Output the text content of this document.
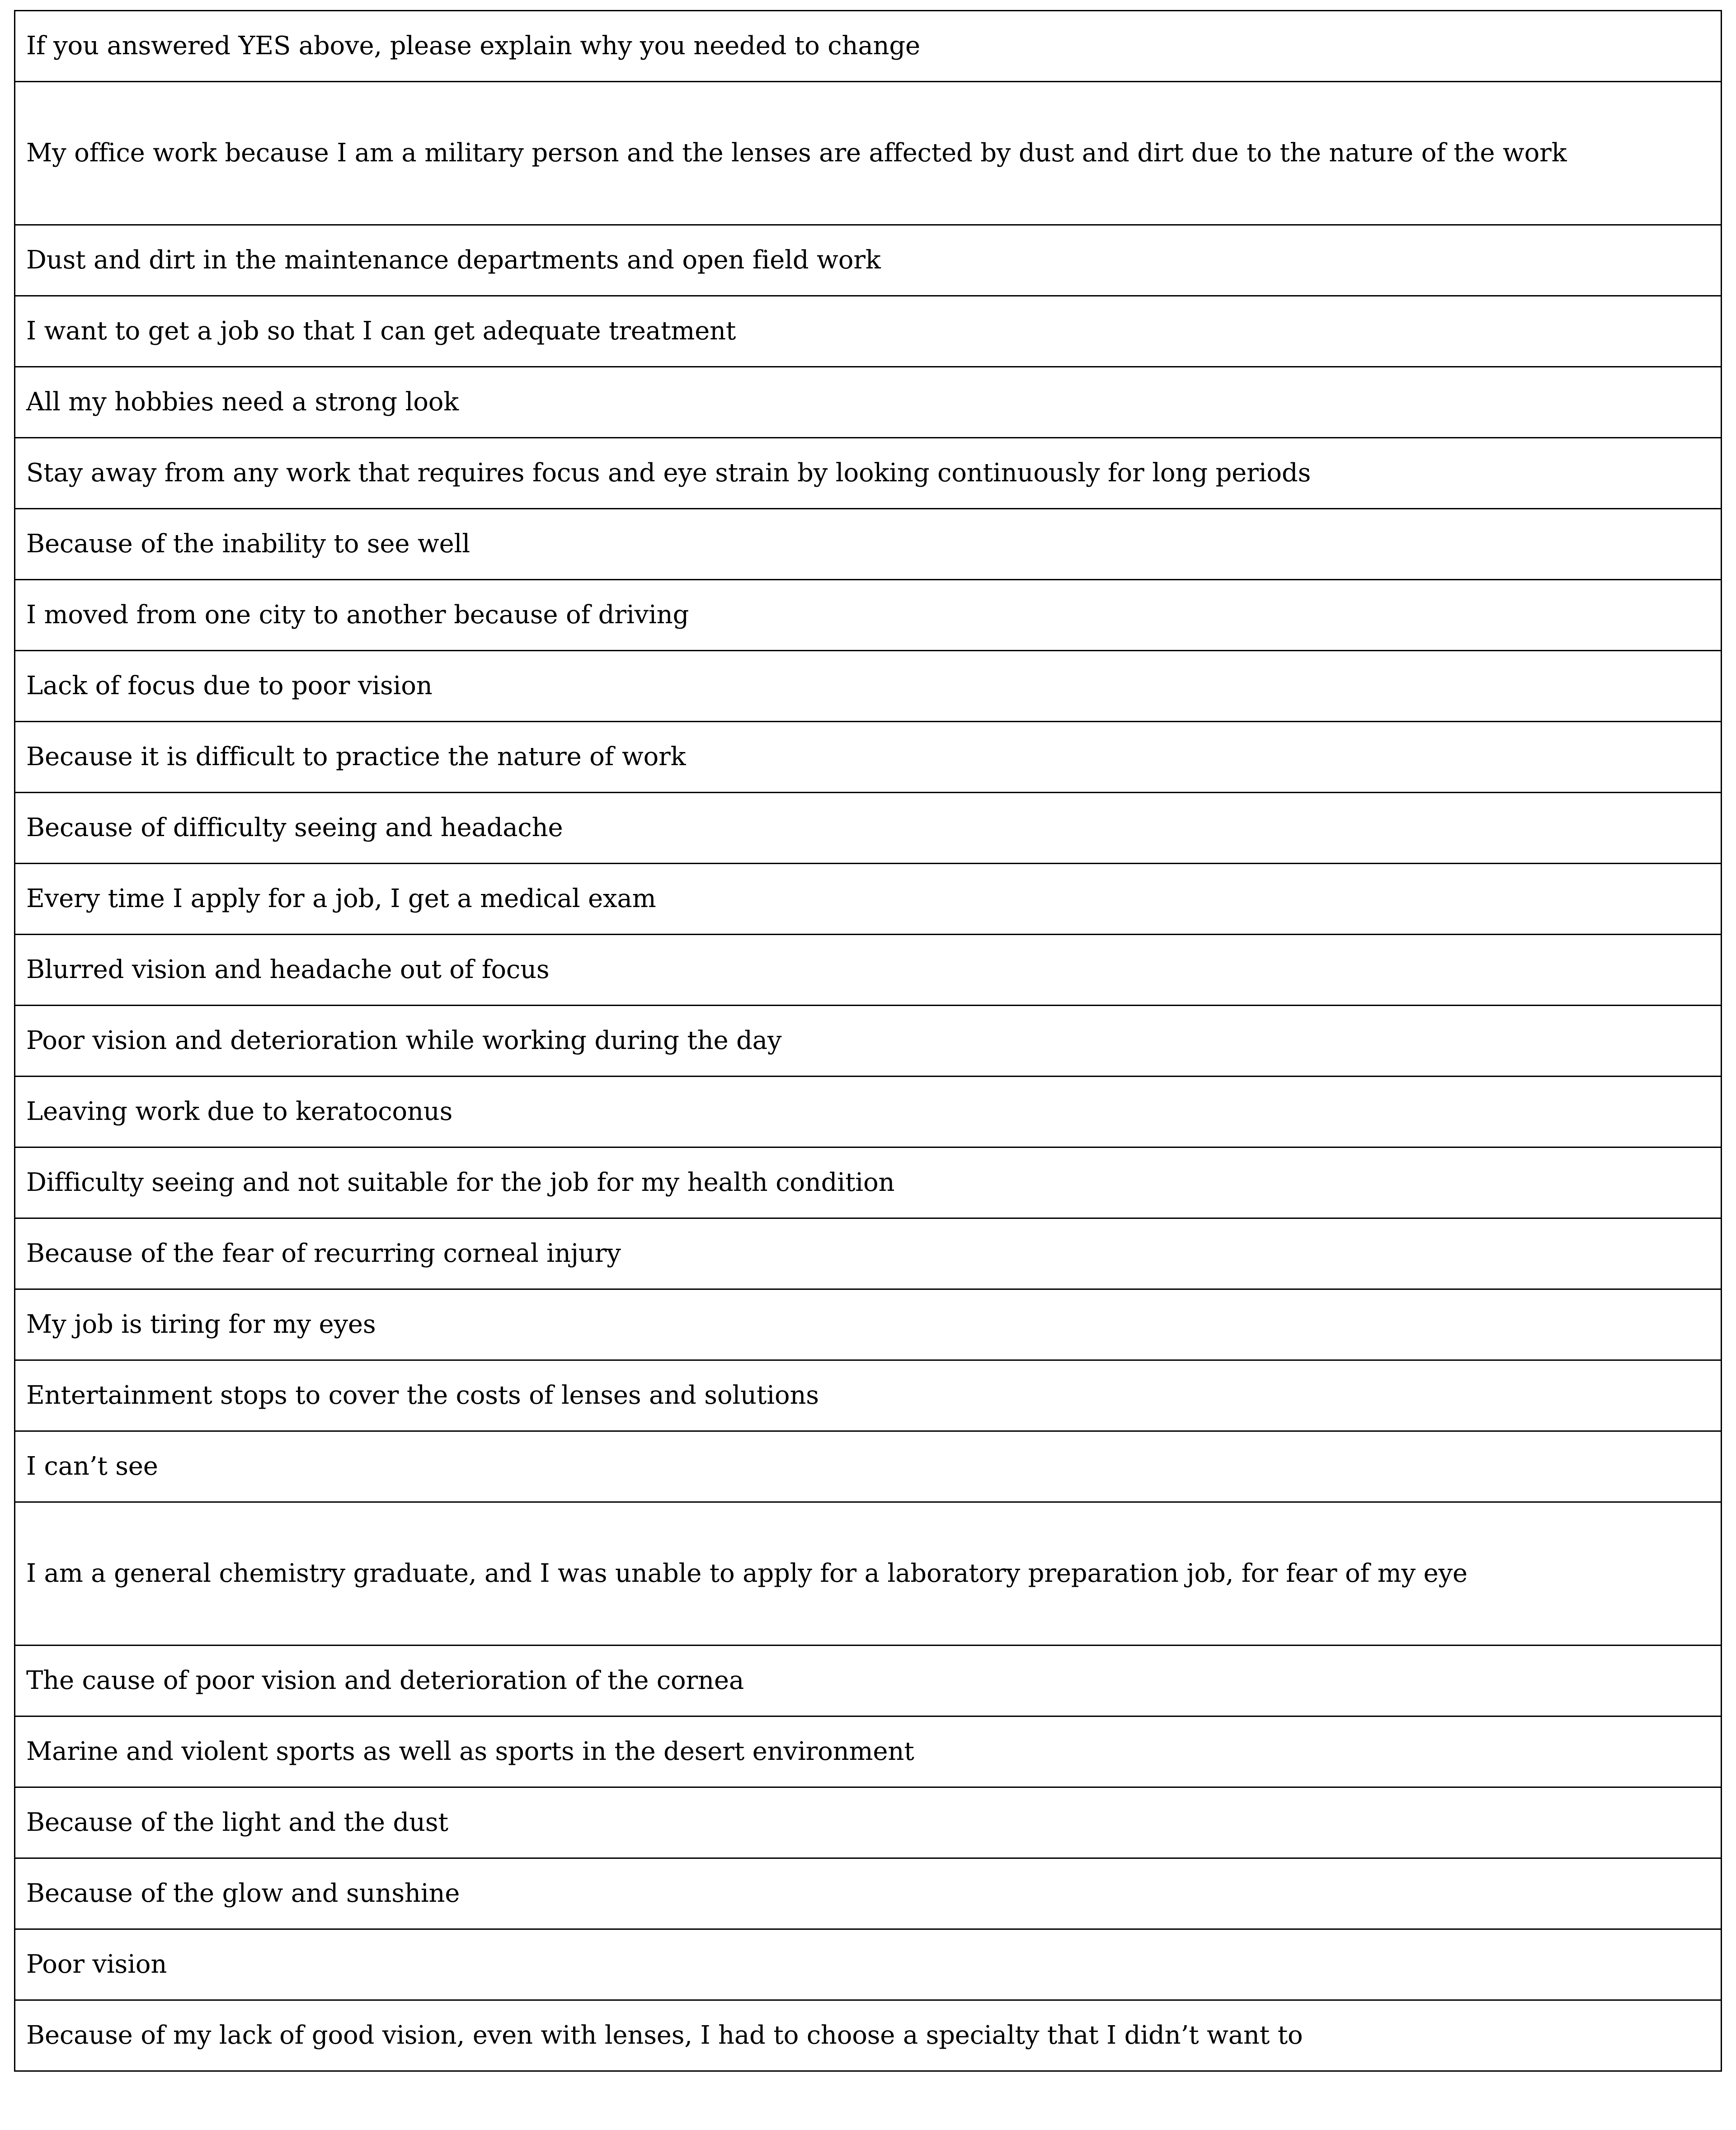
If you answered YES above, please explain why you needed to change

My office work because I am a military person and the lenses are affected by dust and dirt due to the nature of the work

Dust and dirt in the maintenance departments and open field work

I want to get a job so that I can get adequate treatment

All my hobbies need a strong look

Stay away from any work that requires focus and eye strain by looking continuously for long periods

Because of the inability to see well

I moved from one city to another because of driving

Lack of focus due to poor vision

Because it is difficult to practice the nature of work

Because of difficulty seeing and headache

Every time I apply for a job, I get a medical exam

Blurred vision and headache out of focus

Poor vision and deterioration while working during the day

Leaving work due to keratoconus

Difficulty seeing and not suitable for the job for my health condition

Because of the fear of recurring corneal injury

My job is tiring for my eyes

Entertainment stops to cover the costs of lenses and solutions

I can’t see

I am a general chemistry graduate, and I was unable to apply for a laboratory preparation job, for fear of my eye

The cause of poor vision and deterioration of the cornea

Marine and violent sports as well as sports in the desert environment

Because of the light and the dust

Because of the glow and sunshine

Poor vision

Because of my lack of good vision, even with lenses, I had to choose a specialty that I didn’t want to
